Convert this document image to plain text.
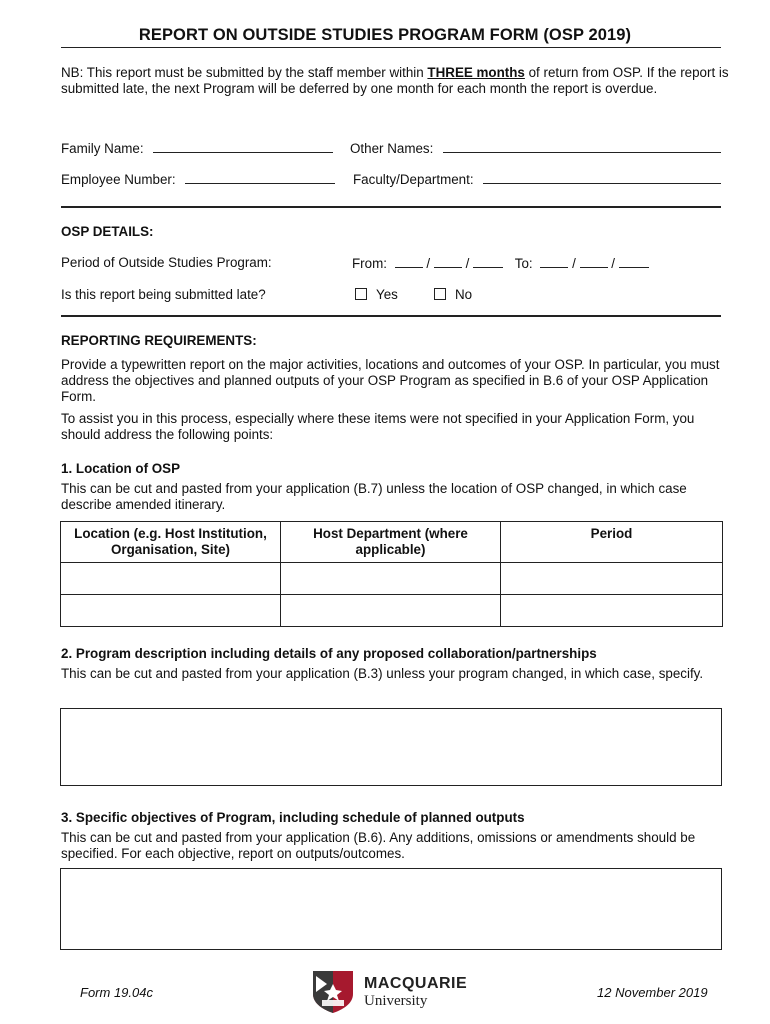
REPORT ON OUTSIDE STUDIES PROGRAM FORM (OSP 2019)
NB: This report must be submitted by the staff member within THREE months of return from OSP. If the report is submitted late, the next Program will be deferred by one month for each month the report is overdue.
Family Name:	Other Names:
Employee Number:	Faculty/Department:
OSP DETAILS:
Period of Outside Studies Program:	From:	/  /	To:	/  /
Is this report being submitted late?	Yes	No
REPORTING REQUIREMENTS:
Provide a typewritten report on the major activities, locations and outcomes of your OSP. In particular, you must address the objectives and planned outputs of your OSP Program as specified in B.6 of your OSP Application Form.
To assist you in this process, especially where these items were not specified in your Application Form, you should address the following points:
1. Location of OSP
This can be cut and pasted from your application (B.7) unless the location of OSP changed, in which case describe amended itinerary.
Location (e.g. Host Institution, Organisation, Site)	Host Department (where applicable)	Period

2. Program description including details of any proposed collaboration/partnerships
This can be cut and pasted from your application (B.3) unless your program changed, in which case, specify.
3. Specific objectives of Program, including schedule of planned outputs
This can be cut and pasted from your application (B.6). Any additions, omissions or amendments should be specified. For each objective, report on outputs/outcomes.
Form 19.04c
MACQUARIE
University
12 November 2019
